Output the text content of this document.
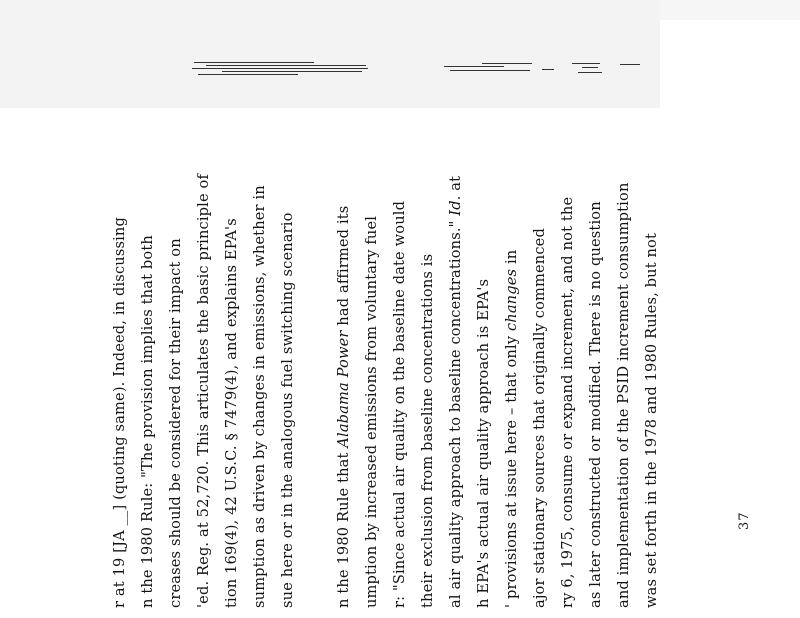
r at 19 [JA __] (quoting same). Indeed, in discussing n the 1980 Rule: "The provision implies that both creases should be considered for their impact on 'ed. Reg. at 52,720. This articulates the basic principle of tion 169(4), 42 U.S.C. § 7479(4), and explains EPA's sumption as driven by changes in emissions, whether in sue here or in the analogous fuel switching scenario	n the 1980 Rule that Alabama Power had affirmed its umption by increased emissions from voluntary fuel r: "Since actual air quality on the baseline date would their exclusion from baseline concentrations is al air quality approach to baseline concentrations." Id. at
h EPA's actual air quality approach is EPA's ' provisions at issue here – that only changes in ajor stationary sources that originally commenced ry 6, 1975, consume or expand increment, and not the as later constructed or modified. There is no question and implementation of the PSID increment consumption was set forth in the 1978 and 1980 Rules, but not	37
